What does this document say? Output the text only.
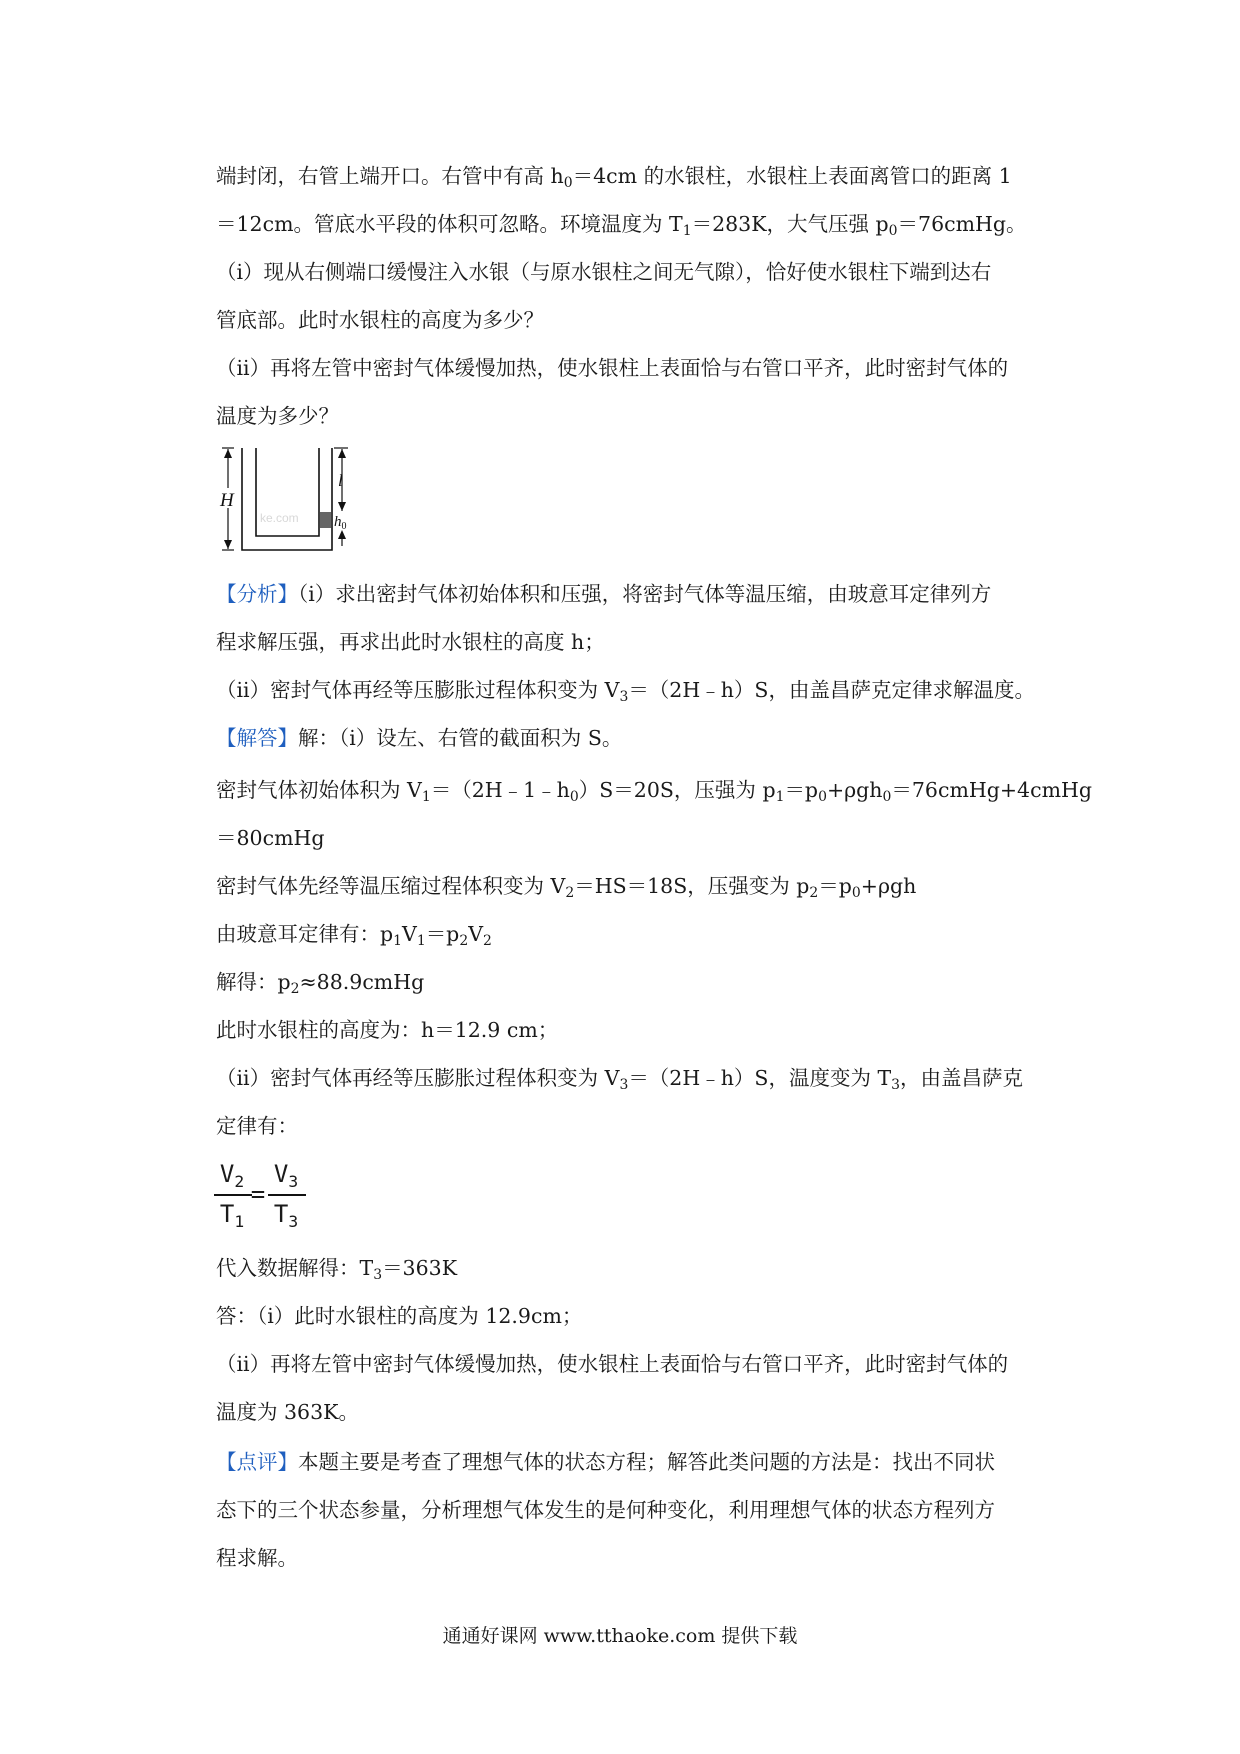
端封闭，右管上端开口。右管中有高 $h_0=4cm$ 的水银柱，水银柱上表面离管口的距离 1
＝12cm。管底水平段的体积可忽略。环境温度为 $T_1=283K$，大气压强 $p_0=76cmHg$。
（i）现从右侧端口缓慢注入水银（与原水银柱之间无气隙），恰好使水银柱下端到达右
管底部。此时水银柱的高度为多少？
（ii）再将左管中密封气体缓慢加热，使水银柱上表面恰与右管口平齐，此时密封气体的
温度为多少？
H
l
$h_0$
ke.com
【分析】（i）求出密封气体初始体积和压强，将密封气体等温压缩，由玻意耳定律列方
程求解压强，再求出此时水银柱的高度 h；
（ii）密封气体再经等压膨胀过程体积变为 $V_3=(2H﹣h)S$，由盖昌萨克定律求解温度。
【解答】解：（i）设左、右管的截面积为 S。
密封气体初始体积为 $V_1=(2H﹣1﹣h_0)S=20S$，压强为 $p_1=p_0+\rho gh_0=76cmHg+4cmHg$
＝80cmHg
密封气体先经等温压缩过程体积变为 $V_2=HS=18S$，压强变为 $p_2=p_0+\rho gh$
由玻意耳定律有：$p_1V_1=p_2V_2$
解得：$p_2\approx 88.9cmHg$
此时水银柱的高度为：h＝12.9 cm；
（ii）密封气体再经等压膨胀过程体积变为 $V_3=(2H﹣h)S$，温度变为 $T_3$，由盖昌萨克
定律有：
$V_2$
$T_1$
=
$V_3$
$T_3$
代入数据解得：$T_3=363K$
答：（i）此时水银柱的高度为 12.9cm；
（ii）再将左管中密封气体缓慢加热，使水银柱上表面恰与右管口平齐，此时密封气体的
温度为 363K。
【点评】本题主要是考查了理想气体的状态方程；解答此类问题的方法是：找出不同状
态下的三个状态参量，分析理想气体发生的是何种变化，利用理想气体的状态方程列方
程求解。
通通好课网 www.tthaoke.com 提供下载
